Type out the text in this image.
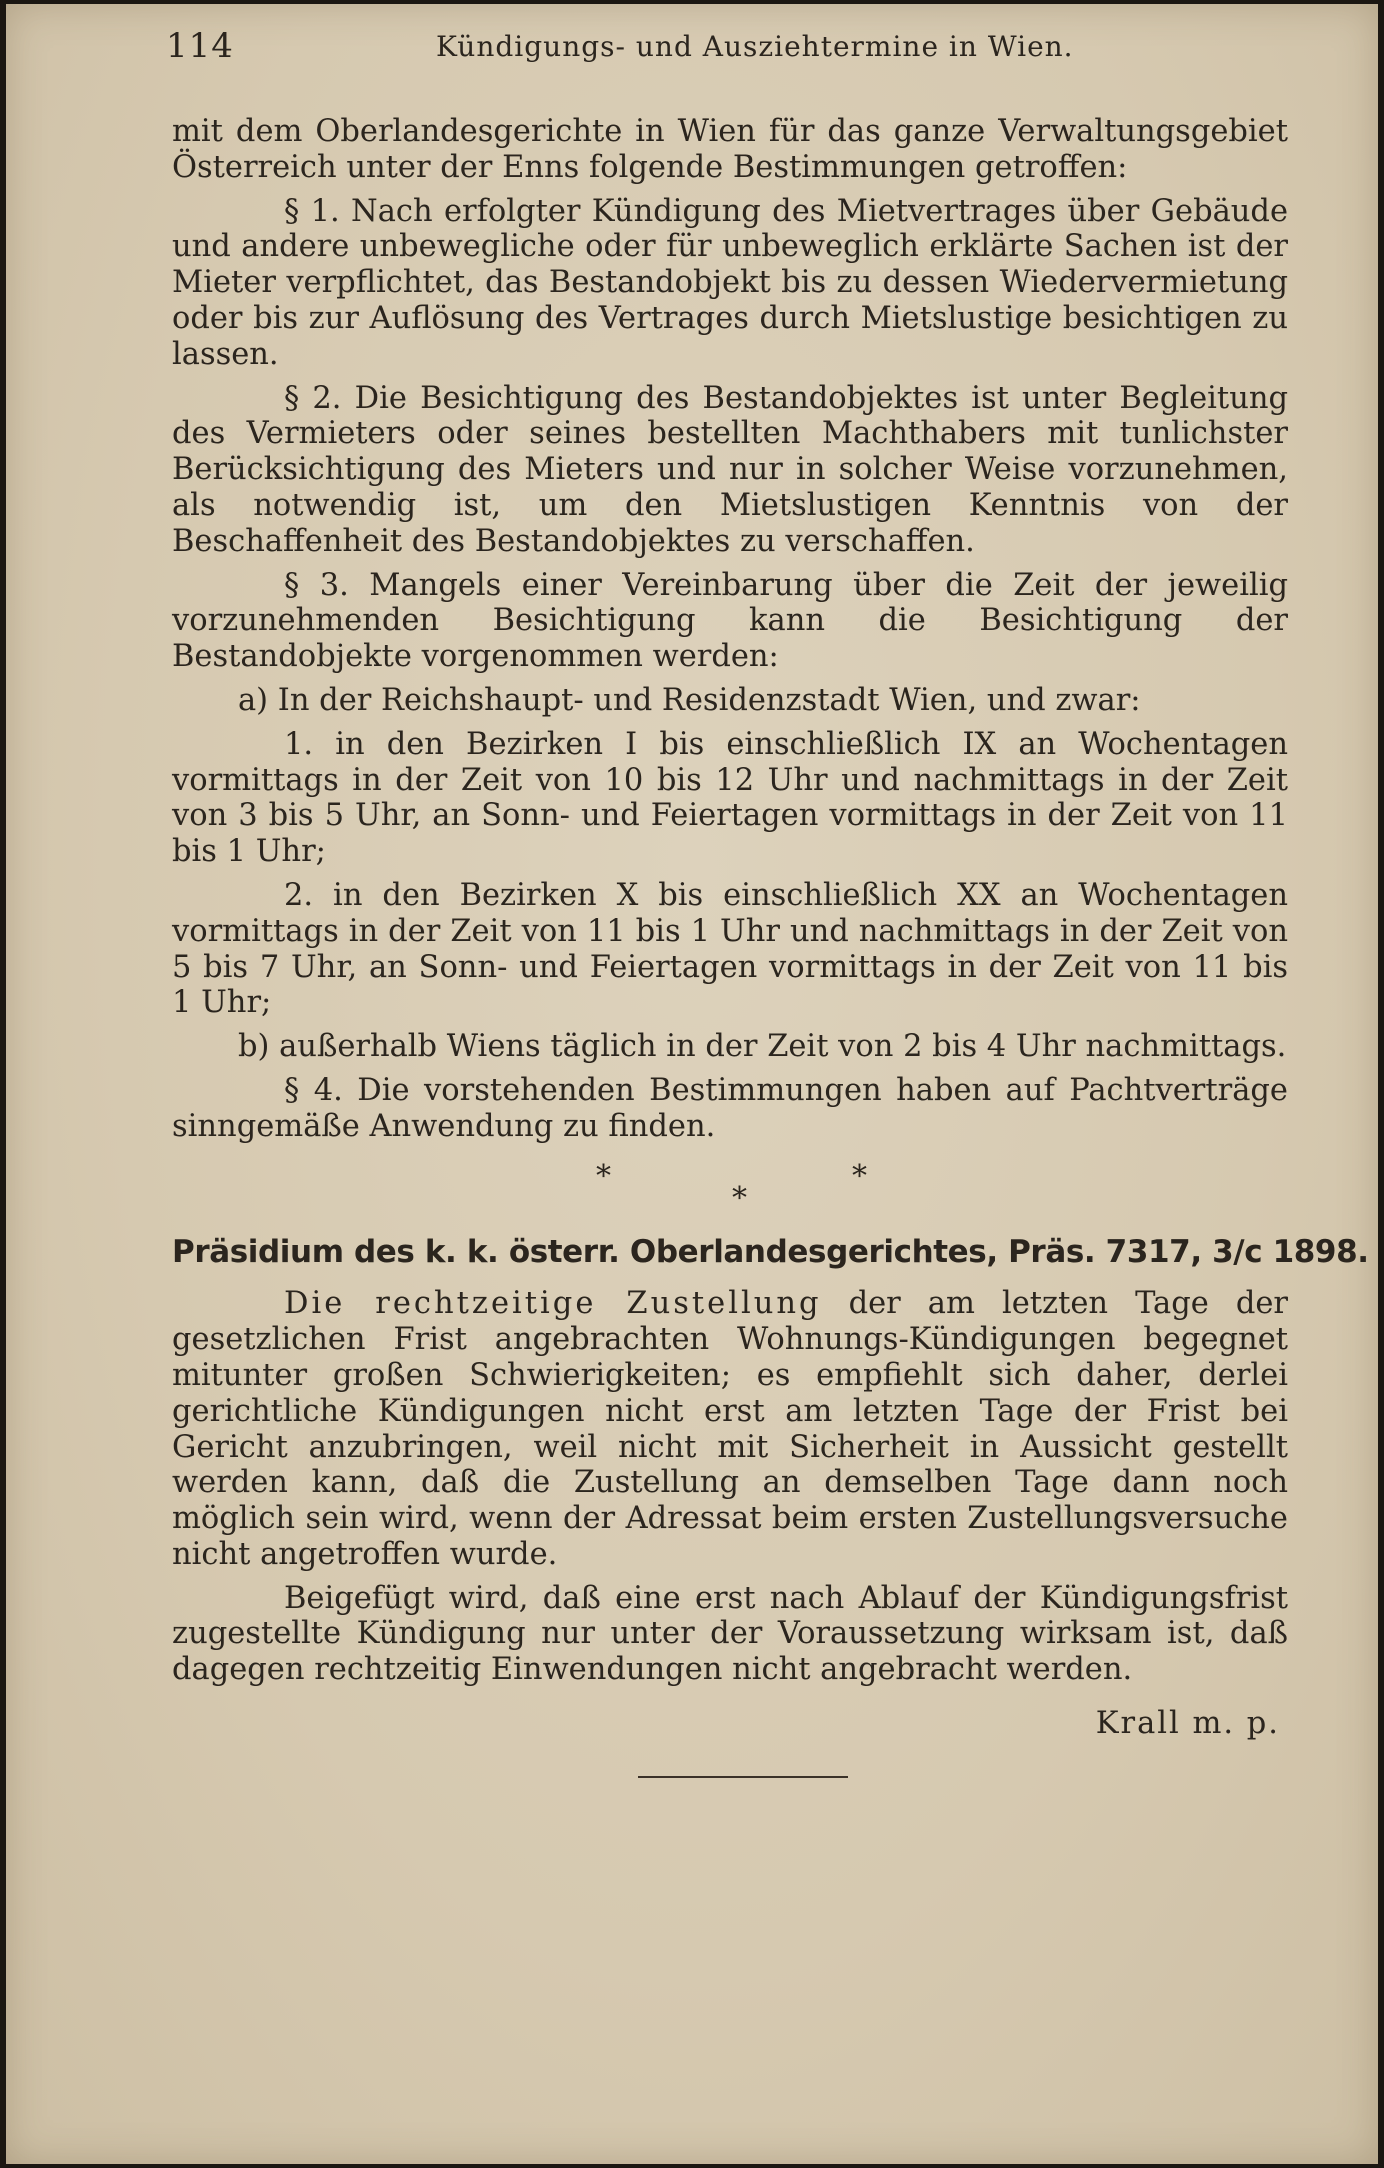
114	Kündigungs- und Ausziehtermine in Wien.

mit dem Oberlandesgerichte in Wien für das ganze Verwaltungsgebiet Österreich unter der Enns folgende Bestimmungen getroffen:

§ 1. Nach erfolgter Kündigung des Mietvertrages über Gebäude und andere unbewegliche oder für unbeweglich erklärte Sachen ist der Mieter verpflichtet, das Bestandobjekt bis zu dessen Wiedervermietung oder bis zur Auflösung des Vertrages durch Mietslustige besichtigen zu lassen.

§ 2. Die Besichtigung des Bestandobjektes ist unter Begleitung des Vermieters oder seines bestellten Machthabers mit tunlichster Berücksichtigung des Mieters und nur in solcher Weise vorzunehmen, als notwendig ist, um den Mietslustigen Kenntnis von der Beschaffenheit des Bestandobjektes zu verschaffen.

§ 3. Mangels einer Vereinbarung über die Zeit der jeweilig vorzunehmenden Besichtigung kann die Besichtigung der Bestandobjekte vorgenommen werden:

a) In der Reichshaupt- und Residenzstadt Wien, und zwar:

1. in den Bezirken I bis einschließlich IX an Wochentagen vormittags in der Zeit von 10 bis 12 Uhr und nachmittags in der Zeit von 3 bis 5 Uhr, an Sonn- und Feiertagen vormittags in der Zeit von 11 bis 1 Uhr;

2. in den Bezirken X bis einschließlich XX an Wochentagen vormittags in der Zeit von 11 bis 1 Uhr und nachmittags in der Zeit von 5 bis 7 Uhr, an Sonn- und Feiertagen vormittags in der Zeit von 11 bis 1 Uhr;

b) außerhalb Wiens täglich in der Zeit von 2 bis 4 Uhr nachmittags.

§ 4. Die vorstehenden Bestimmungen haben auf Pachtverträge sinngemäße Anwendung zu finden.

*
*
*
Präsidium des k. k. österr. Oberlandesgerichtes, Präs. 7317, 3/c 1898.

Die rechtzeitige Zustellung der am letzten Tage der gesetzlichen Frist angebrachten Wohnungs-Kündigungen begegnet mitunter großen Schwierigkeiten; es empfiehlt sich daher, derlei gerichtliche Kündigungen nicht erst am letzten Tage der Frist bei Gericht anzubringen, weil nicht mit Sicherheit in Aussicht gestellt werden kann, daß die Zustellung an demselben Tage dann noch möglich sein wird, wenn der Adressat beim ersten Zustellungsversuche nicht angetroffen wurde.

Beigefügt wird, daß eine erst nach Ablauf der Kündigungsfrist zugestellte Kündigung nur unter der Voraussetzung wirksam ist, daß dagegen rechtzeitig Einwendungen nicht angebracht werden.

Krall m. p.
